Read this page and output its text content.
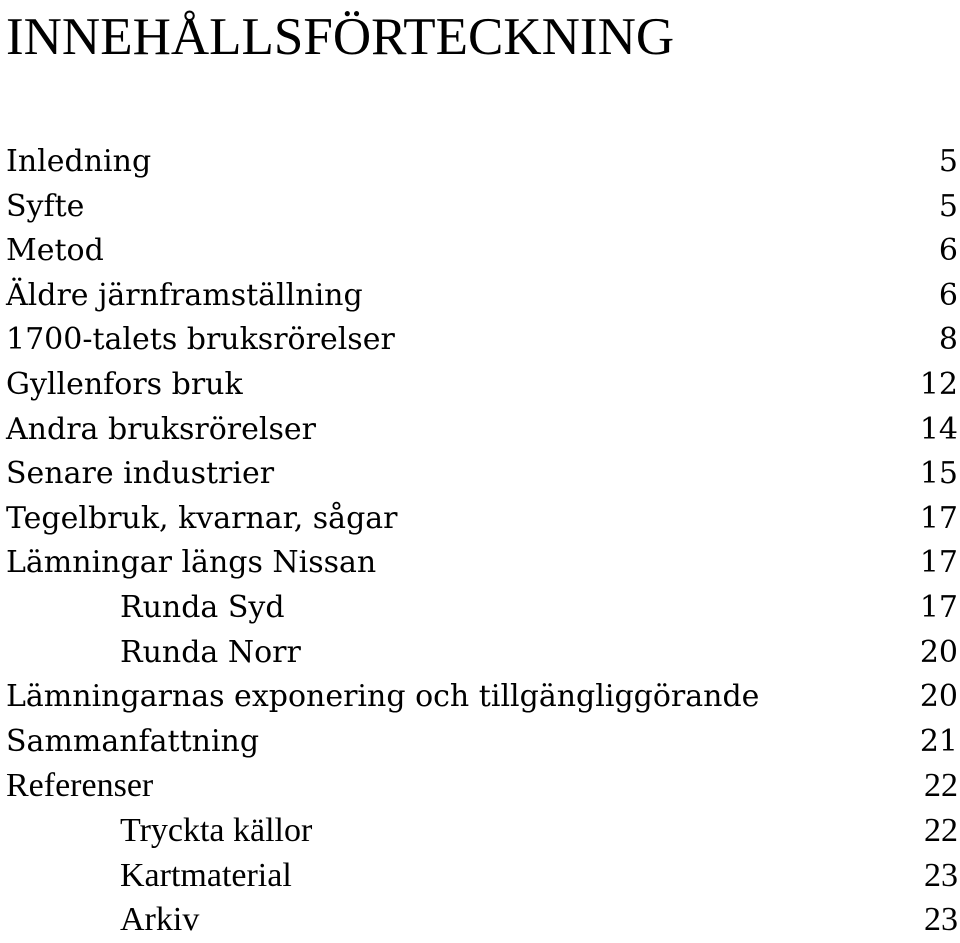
INNEHÅLLSFÖRTECKNING
Inledning	5
Syfte	5
Metod	6
Äldre järnframställning	6
1700-talets bruksrörelser	8
Gyllenfors bruk	12
Andra bruksrörelser	14
Senare industrier	15
Tegelbruk, kvarnar, sågar	17
Lämningar längs Nissan	17
Runda Syd	17
Runda Norr	20
Lämningarnas exponering och tillgängliggörande	20
Sammanfattning	21
Referenser	22
Tryckta källor	22
Kartmaterial	23
Arkiv	23
